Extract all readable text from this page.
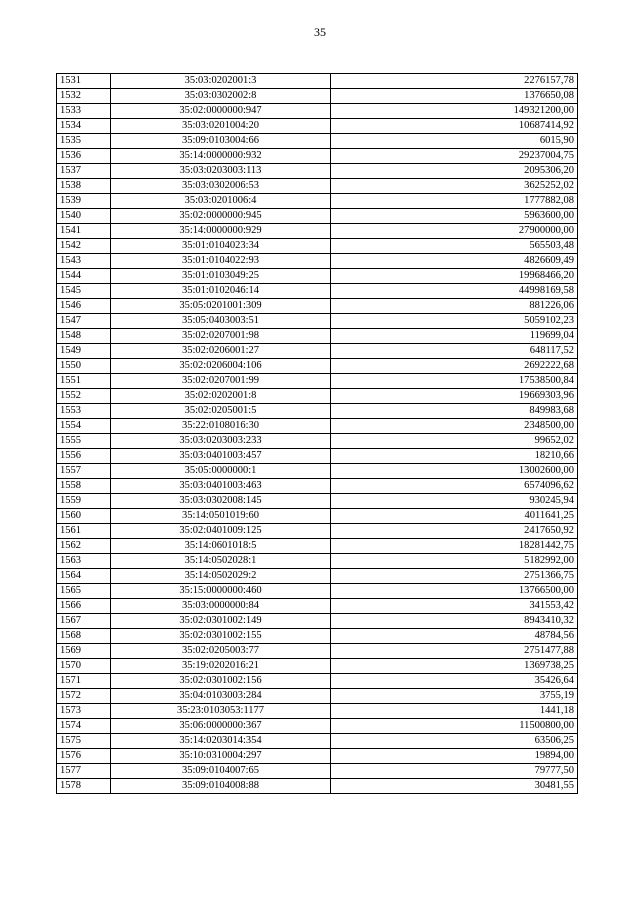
35
1531	35:03:0202001:3	2276157,78
1532	35:03:0302002:8	1376650,08
1533	35:02:0000000:947	149321200,00
1534	35:03:0201004:20	10687414,92
1535	35:09:0103004:66	6015,90
1536	35:14:0000000:932	29237004,75
1537	35:03:0203003:113	2095306,20
1538	35:03:0302006:53	3625252,02
1539	35:03:0201006:4	1777882,08
1540	35:02:0000000:945	5963600,00
1541	35:14:0000000:929	27900000,00
1542	35:01:0104023:34	565503,48
1543	35:01:0104022:93	4826609,49
1544	35:01:0103049:25	19968466,20
1545	35:01:0102046:14	44998169,58
1546	35:05:0201001:309	881226,06
1547	35:05:0403003:51	5059102,23
1548	35:02:0207001:98	119699,04
1549	35:02:0206001:27	648117,52
1550	35:02:0206004:106	2692222,68
1551	35:02:0207001:99	17538500,84
1552	35:02:0202001:8	19669303,96
1553	35:02:0205001:5	849983,68
1554	35:22:0108016:30	2348500,00
1555	35:03:0203003:233	99652,02
1556	35:03:0401003:457	18210,66
1557	35:05:0000000:1	13002600,00
1558	35:03:0401003:463	6574096,62
1559	35:03:0302008:145	930245,94
1560	35:14:0501019:60	4011641,25
1561	35:02:0401009:125	2417650,92
1562	35:14:0601018:5	18281442,75
1563	35:14:0502028:1	5182992,00
1564	35:14:0502029:2	2751366,75
1565	35:15:0000000:460	13766500,00
1566	35:03:0000000:84	341553,42
1567	35:02:0301002:149	8943410,32
1568	35:02:0301002:155	48784,56
1569	35:02:0205003:77	2751477,88
1570	35:19:0202016:21	1369738,25
1571	35:02:0301002:156	35426,64
1572	35:04:0103003:284	3755,19
1573	35:23:0103053:1177	1441,18
1574	35:06:0000000:367	11500800,00
1575	35:14:0203014:354	63506,25
1576	35:10:0310004:297	19894,00
1577	35:09:0104007:65	79777,50
1578	35:09:0104008:88	30481,55
